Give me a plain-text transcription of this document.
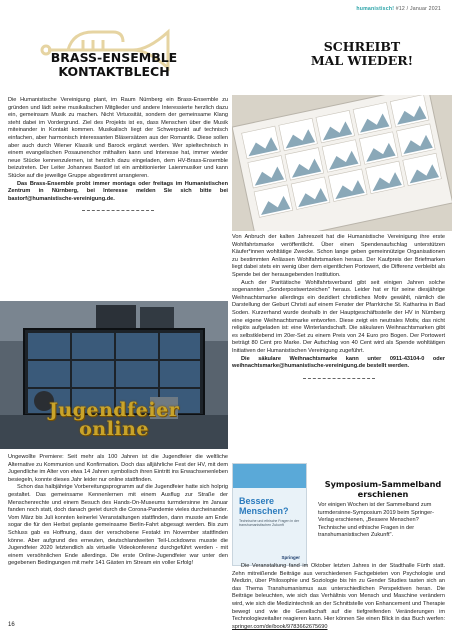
humanistisch! #12 / Januar 2021
BRASS-ENSEMBLE
KONTAKTBLECH

Die Humanistische Vereinigung plant, im Raum Nürnberg ein Brass-Ensemble zu gründen und lädt seine musikalischen Mitglieder und andere Interessierte herzlich dazu ein, gemeinsam Musik zu machen. Nicht Virtuosität, sondern der gemeinsame Klang steht dabei im Vordergrund. Ziel des Projekts ist es, dass Menschen über die Musik miteinander in Kontakt kommen. Musikalisch liegt der Schwerpunkt auf technisch einfachen, aber harmonisch interessanten Bläsersätzen aus der Romantik. Diese sollen aber auch durch Wiener Klassik und Barock ergänzt werden. Wer spieltechnisch in einem evangelischen Posaunenchor mithalten kann und Interesse hat, immer wieder neue Stücke kennenzulernen, ist herzlich dazu eingeladen, dem HV-Brass-Ensemble beizutreten. Der Leiter Johannes Bastorf ist ein ambitionierter Laienmusiker und kann Stücke auf die jeweilige Gruppe abgestimmt arrangieren.

Das Brass-Ensemble probt immer montags oder freitags im Humanistischen Zentrum in Nürnberg, bei Interesse melden Sie sich bitte bei bastorf@humanistische-vereinigung.de.

SCHREIBT
MAL WIEDER!

Von Anbruch der kalten Jahreszeit hat die Humanistische Vereinigung ihre erste Wohlfahrtsmarke veröffentlicht. Über einen Spendenaufschlag unterstützen Käufer*innen wohltätige Zwecke. Schon lange geben gemeinnützige Organisationen zu bestimmten Anlässen Wohlfahrtsmarken heraus. Der Kaufpreis der Briefmarken liegt dabei stets ein wenig über dem eigentlichen Portowert, die Differenz verbleibt als Spende bei der herausgebenden Institution.

Auch der Paritätische Wohlfahrtsverband gibt seit einigen Jahren solche sogenannten „Sonderpostwertzeichen" heraus. Leider hat er für seine diesjährige Weihnachtsmarke allerdings ein dezidiert christliches Motiv gewählt, nämlich die Darstellung der Geburt Christi auf einem Fenster der Pfarrkirche St. Katharina in Bad Soden. Kurzerhand wurde deshalb in der Hauptgeschäftsstelle der HV in Nürnberg eine eigene Weihnachtsmarke entworfen. Diese zeigt ein neutrales Motiv, das nicht religiös aufgeladen ist: eine Winterlandschaft. Die säkularen Weihnachtsmarken gibt es selbstklebend im 20er-Set zu einem Preis von 24 Euro pro Bogen. Der Portowert beträgt 80 Cent pro Marke. Der Aufschlag von 40 Cent wird als Spende wohltätigen Initiativen der Humanistischen Vereinigung zugeführt.

Die säkulare Weihnachtsmarke kann unter 0911-43104-0 oder weihnachtsmarke@humanistische-vereinigung.de bestellt werden.

Jugendfeier
online

Ungewollte Premiere: Seit mehr als 100 Jahren ist die Jugendfeier die weltliche Alternative zu Kommunion und Konfirmation. Doch das alljährliche Fest der HV, mit dem Jugendliche im Alter von etwa 14 Jahren symbolisch ihren Eintritt ins Erwachsenenleben besiegeln, konnte dieses Jahr leider nur online stattfinden.

Schon das halbjährige Vorbereitungsprogramm auf die Jugendfeier hatte sich holprig gestaltet. Das gemeinsame Kennenlernen mit einem Ausflug zur Straße der Menschenrechte und einem Besuch des Hands-On-Museums turmdersinne im Januar fanden noch statt, doch danach geriet durch die Corona-Pandemie vieles durcheinander. Vom März bis Juli konnten keinerlei Veranstaltungen stattfinden, dann musste am Ende sogar die für den Herbst geplante gemeinsame Berlin-Fahrt abgesagt werden. Bis zum Schluss gab es Hoffnung, dass der verschobene Festakt im November stattfinden könne. Aber aufgrund des erneuten, deutschlandweiten Teil-Lockdowns musste die Jugendfeier 2020 letztendlich als virtuelle Videokonferenz durchgeführt werden - mit einem versöhnlichen Ende allerdings. Die erste Online-Jugendfeier war unter den gegebenen Bedingungen mit mehr 141 Gästen im Stream ein voller Erfolg!

Bessere
Menschen?
Technische und ethische Fragen in der transhumanistischen Zukunft
Springer
Symposium-Sammelband
erschienen

Vor einigen Wochen ist der Sammelband zum turmdersinne-Symposium 2019 beim Springer-Verlag erschienen, „Bessere Menschen? Technische und ethische Fragen in der transhumanistischen Zukunft".

Die Veranstaltung fand im Oktober letzten Jahres in der Stadthalle Fürth statt. Zehn mitreißende Beiträge aus verschiedenen Fachgebieten von Psychologie und Medizin, über Philosophie und Soziologie bis hin zu Gender Studies tasten sich an das Thema Transhumanismus aus unterschiedlichen Perspektiven heran. Die Beiträge beleuchten, wie sich das Verhältnis von Mensch und Maschine verändern wird, wie sich die Medizintechnik an der Schnittstelle von Enhancement und Therapie bewegt und wie die Gesellschaft auf die tiefgreifenden Veränderungen im Technologiezeitalter reagieren kann. Hier können Sie einen Blick in das Buch werfen: springer.com/de/book/9783662675690

16
